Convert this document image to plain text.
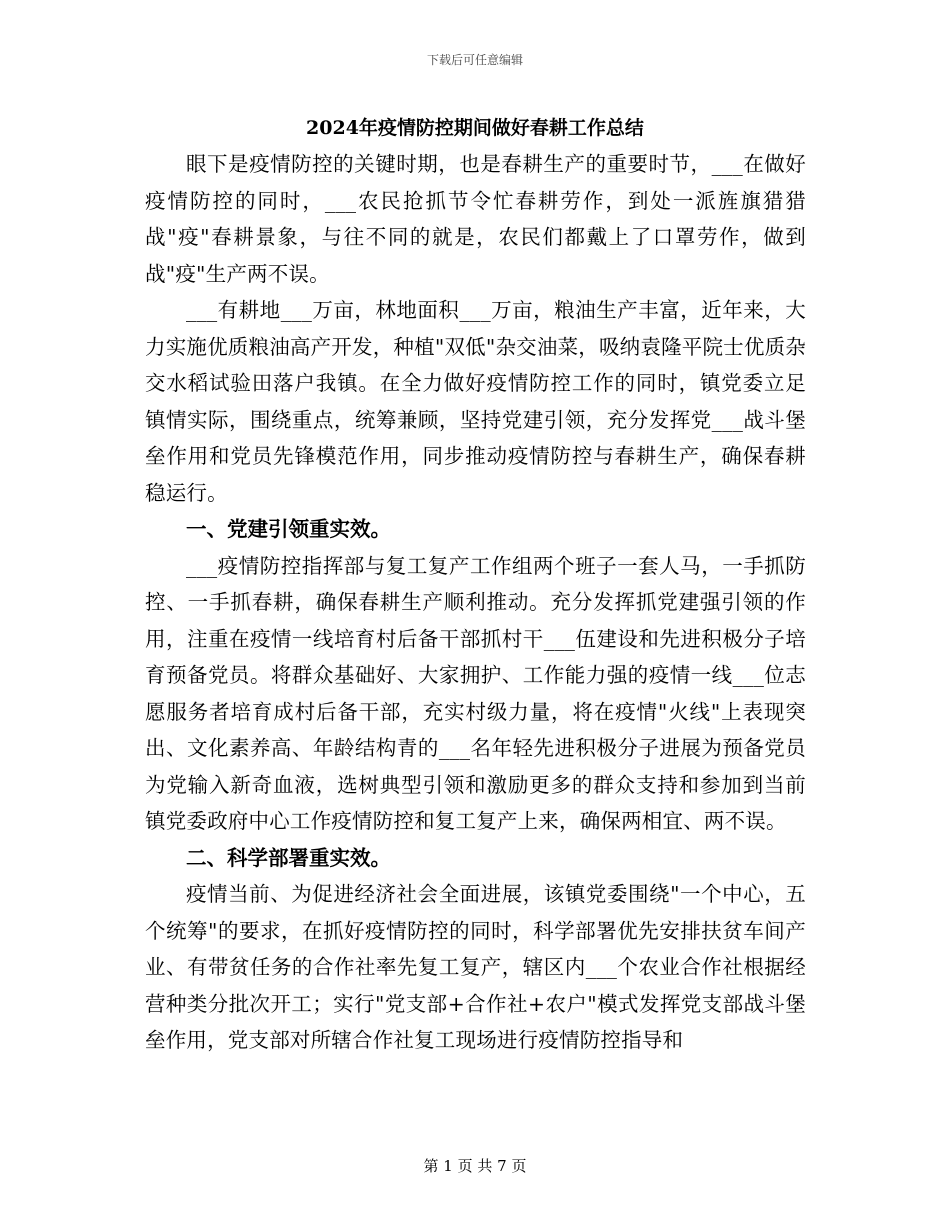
下载后可任意编辑
2024年疫情防控期间做好春耕工作总结

眼下是疫情防控的关键时期，也是春耕生产的重要时节，___在做好疫情防控的同时，___农民抢抓节令忙春耕劳作，到处一派旌旗猎猎战"疫"春耕景象，与往不同的就是，农民们都戴上了口罩劳作，做到战"疫"生产两不误。

___有耕地___万亩，林地面积___万亩，粮油生产丰富，近年来，大力实施优质粮油高产开发，种植"双低"杂交油菜，吸纳袁隆平院士优质杂交水稻试验田落户我镇。在全力做好疫情防控工作的同时，镇党委立足镇情实际，围绕重点，统筹兼顾，坚持党建引领，充分发挥党___战斗堡垒作用和党员先锋模范作用，同步推动疫情防控与春耕生产，确保春耕稳运行。

一、党建引领重实效。

___疫情防控指挥部与复工复产工作组两个班子一套人马，一手抓防控、一手抓春耕，确保春耕生产顺利推动。充分发挥抓党建强引领的作用，注重在疫情一线培育村后备干部抓村干___伍建设和先进积极分子培育预备党员。将群众基础好、大家拥护、工作能力强的疫情一线___位志愿服务者培育成村后备干部，充实村级力量，将在疫情"火线"上表现突出、文化素养高、年龄结构青的___名年轻先进积极分子进展为预备党员为党输入新奇血液，选树典型引领和激励更多的群众支持和参加到当前镇党委政府中心工作疫情防控和复工复产上来，确保两相宜、两不误。

二、科学部署重实效。

疫情当前、为促进经济社会全面进展，该镇党委围绕"一个中心，五个统筹"的要求，在抓好疫情防控的同时，科学部署优先安排扶贫车间产业、有带贫任务的合作社率先复工复产，辖区内___个农业合作社根据经营种类分批次开工；实行"党支部+合作社+农户"模式发挥党支部战斗堡垒作用，党支部对所辖合作社复工现场进行疫情防控指导和

第 1 页 共 7 页
